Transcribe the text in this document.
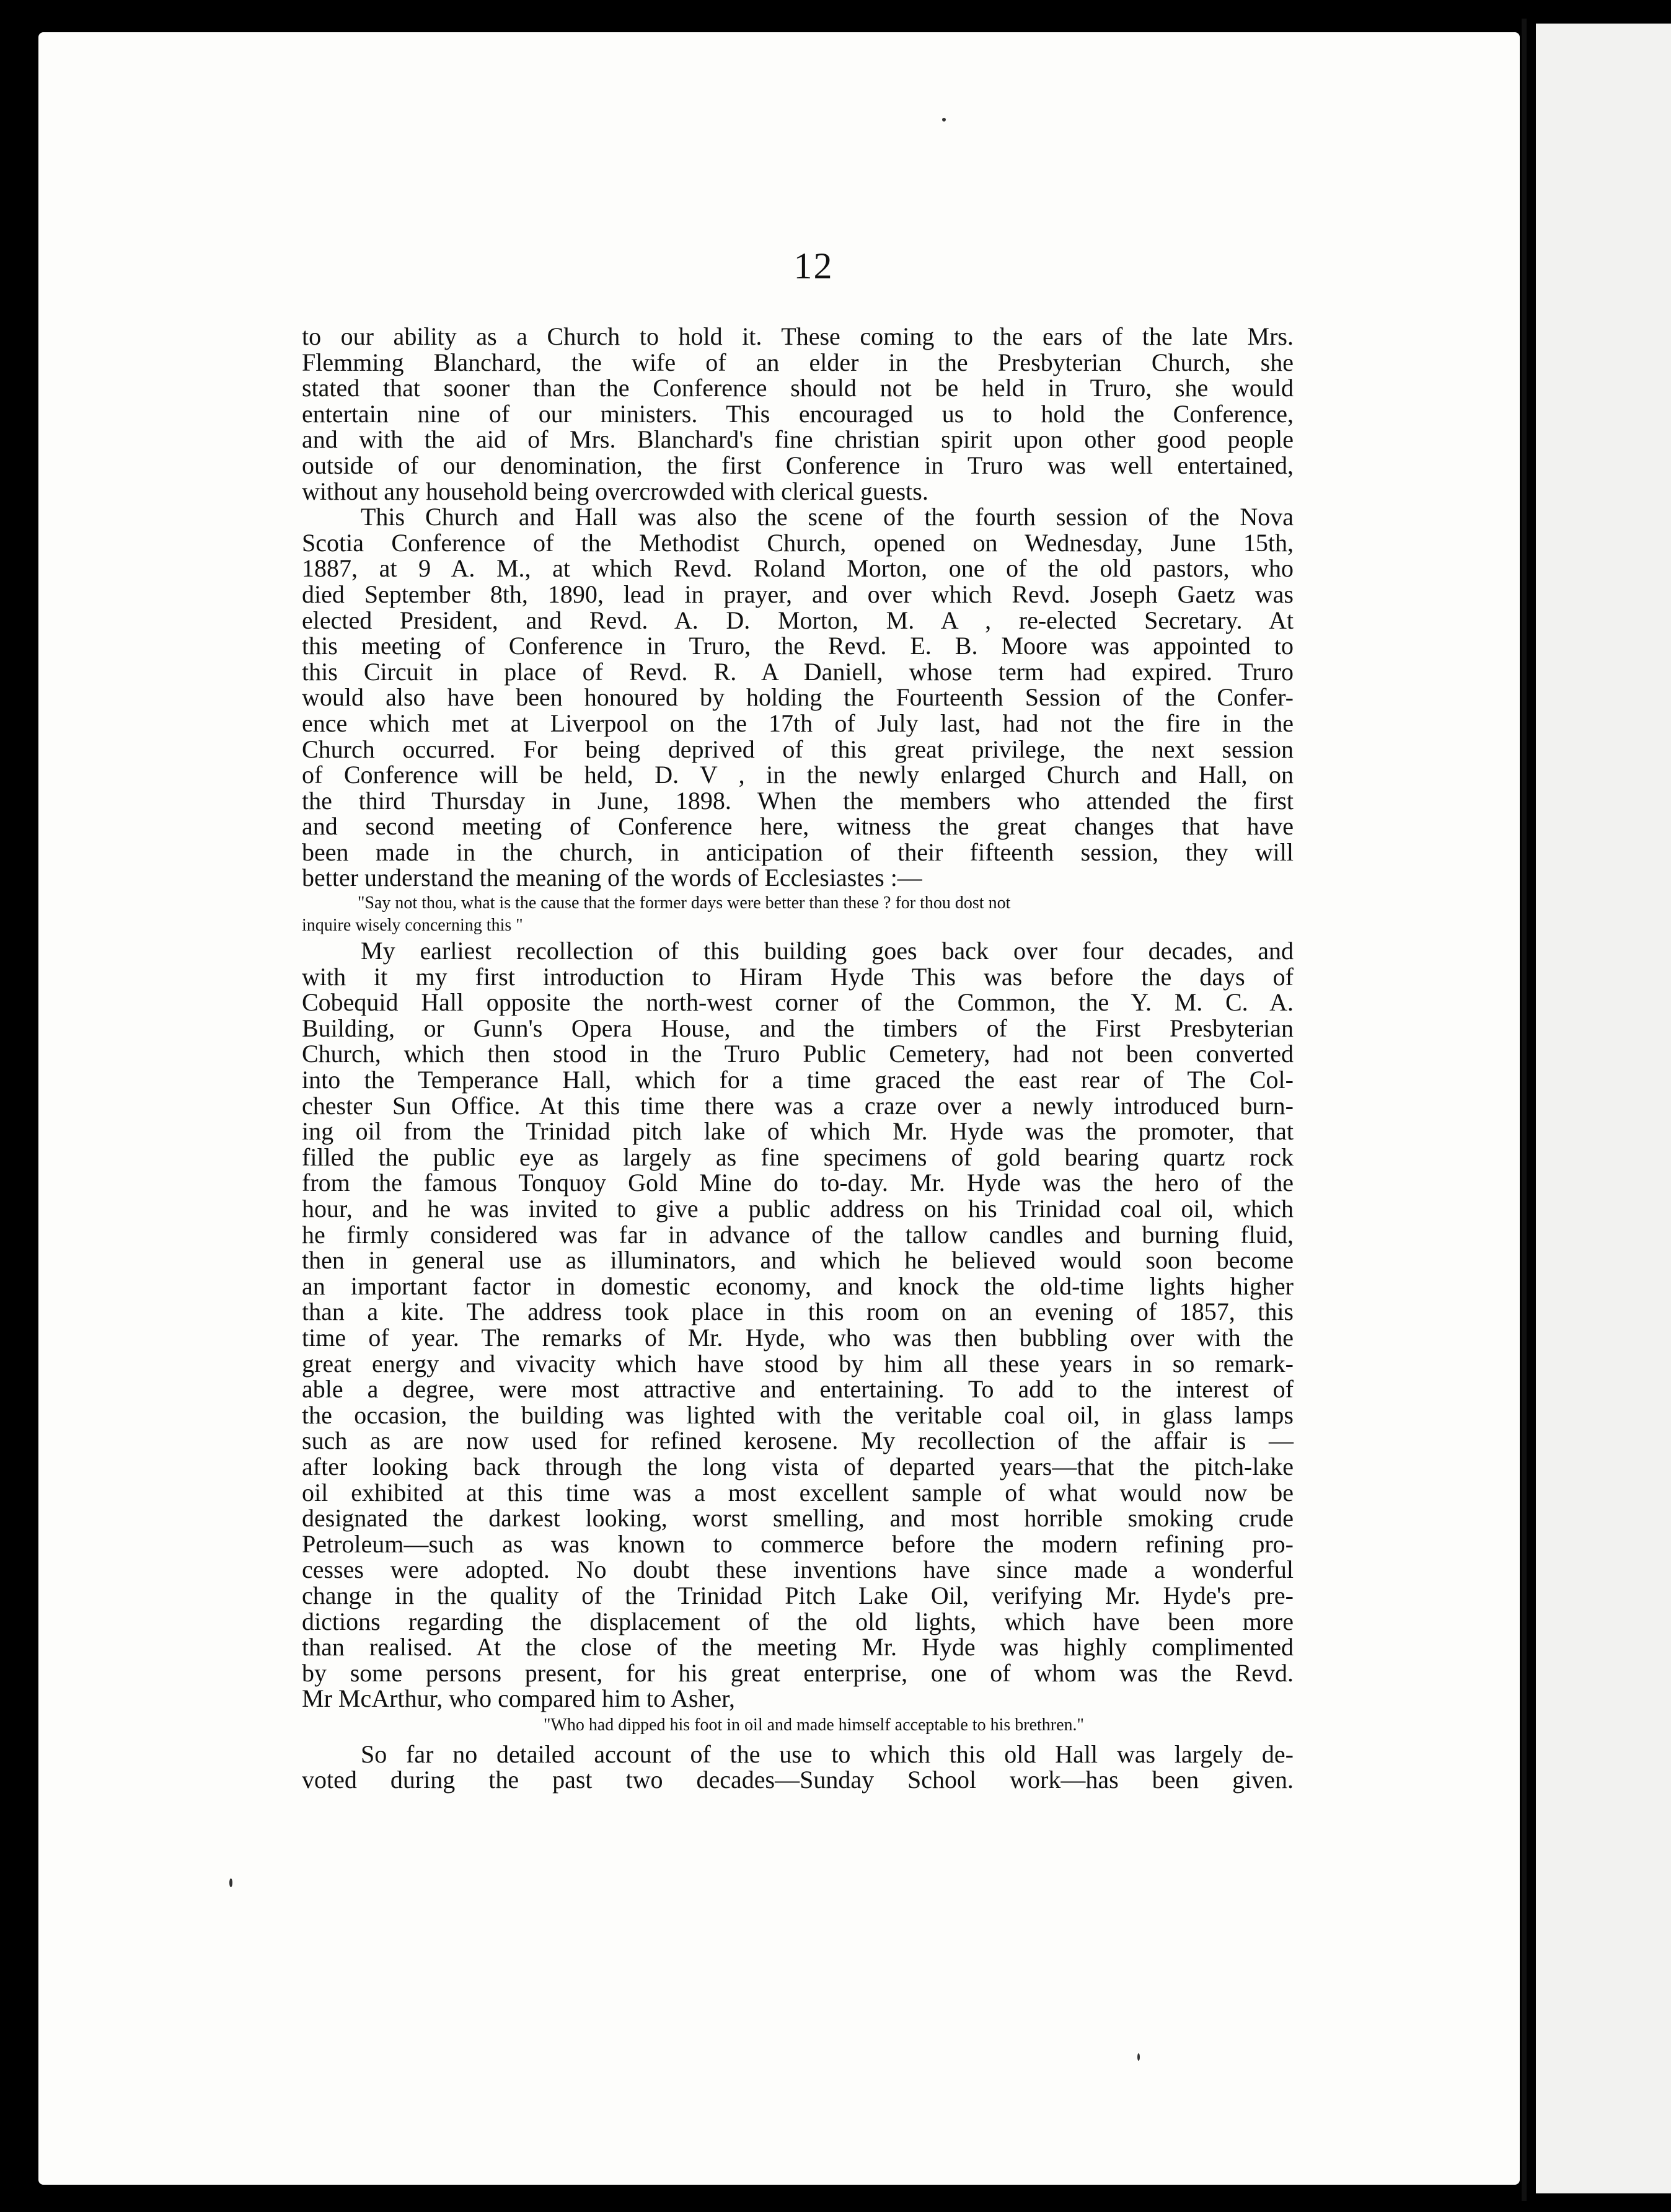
12
to our ability as a Church to hold it. These coming to the ears of the late Mrs.
Flemming Blanchard, the wife of an elder in the Presbyterian Church, she
stated that sooner than the Conference should not be held in Truro, she would
entertain nine of our ministers. This encouraged us to hold the Conference,
and with the aid of Mrs. Blanchard's fine christian spirit upon other good people
outside of our denomination, the first Conference in Truro was well entertained,
without any household being overcrowded with clerical guests.
This Church and Hall was also the scene of the fourth session of the Nova
Scotia Conference of the Methodist Church, opened on Wednesday, June 15th,
1887, at 9 A. M., at which Revd. Roland Morton, one of the old pastors, who
died September 8th, 1890, lead in prayer, and over which Revd. Joseph Gaetz was
elected President, and Revd. A. D. Morton, M. A , re-elected Secretary. At
this meeting of Conference in Truro, the Revd. E. B. Moore was appointed to
this Circuit in place of Revd. R. A Daniell, whose term had expired. Truro
would also have been honoured by holding the Fourteenth Session of the Confer-
ence which met at Liverpool on the 17th of July last, had not the fire in the
Church occurred. For being deprived of this great privilege, the next session
of Conference will be held, D. V , in the newly enlarged Church and Hall, on
the third Thursday in June, 1898. When the members who attended the first
and second meeting of Conference here, witness the great changes that have
been made in the church, in anticipation of their fifteenth session, they will
better understand the meaning of the words of Ecclesiastes :—
"Say not thou, what is the cause that the former days were better than these ? for thou dost not
inquire wisely concerning this "
My earliest recollection of this building goes back over four decades, and
with it my first introduction to Hiram Hyde This was before the days of
Cobequid Hall opposite the north-west corner of the Common, the Y. M. C. A.
Building, or Gunn's Opera House, and the timbers of the First Presbyterian
Church, which then stood in the Truro Public Cemetery, had not been converted
into the Temperance Hall, which for a time graced the east rear of The Col-
chester Sun Office. At this time there was a craze over a newly introduced burn-
ing oil from the Trinidad pitch lake of which Mr. Hyde was the promoter, that
filled the public eye as largely as fine specimens of gold bearing quartz rock
from the famous Tonquoy Gold Mine do to-day. Mr. Hyde was the hero of the
hour, and he was invited to give a public address on his Trinidad coal oil, which
he firmly considered was far in advance of the tallow candles and burning fluid,
then in general use as illuminators, and which he believed would soon become
an important factor in domestic economy, and knock the old-time lights higher
than a kite. The address took place in this room on an evening of 1857, this
time of year. The remarks of Mr. Hyde, who was then bubbling over with the
great energy and vivacity which have stood by him all these years in so remark-
able a degree, were most attractive and entertaining. To add to the interest of
the occasion, the building was lighted with the veritable coal oil, in glass lamps
such as are now used for refined kerosene. My recollection of the affair is —
after looking back through the long vista of departed years—that the pitch-lake
oil exhibited at this time was a most excellent sample of what would now be
designated the darkest looking, worst smelling, and most horrible smoking crude
Petroleum—such as was known to commerce before the modern refining pro-
cesses were adopted. No doubt these inventions have since made a wonderful
change in the quality of the Trinidad Pitch Lake Oil, verifying Mr. Hyde's pre-
dictions regarding the displacement of the old lights, which have been more
than realised. At the close of the meeting Mr. Hyde was highly complimented
by some persons present, for his great enterprise, one of whom was the Revd.
Mr McArthur, who compared him to Asher,
"Who had dipped his foot in oil and made himself acceptable to his brethren."
So far no detailed account of the use to which this old Hall was largely de-
voted during the past two decades—Sunday School work—has been given.
